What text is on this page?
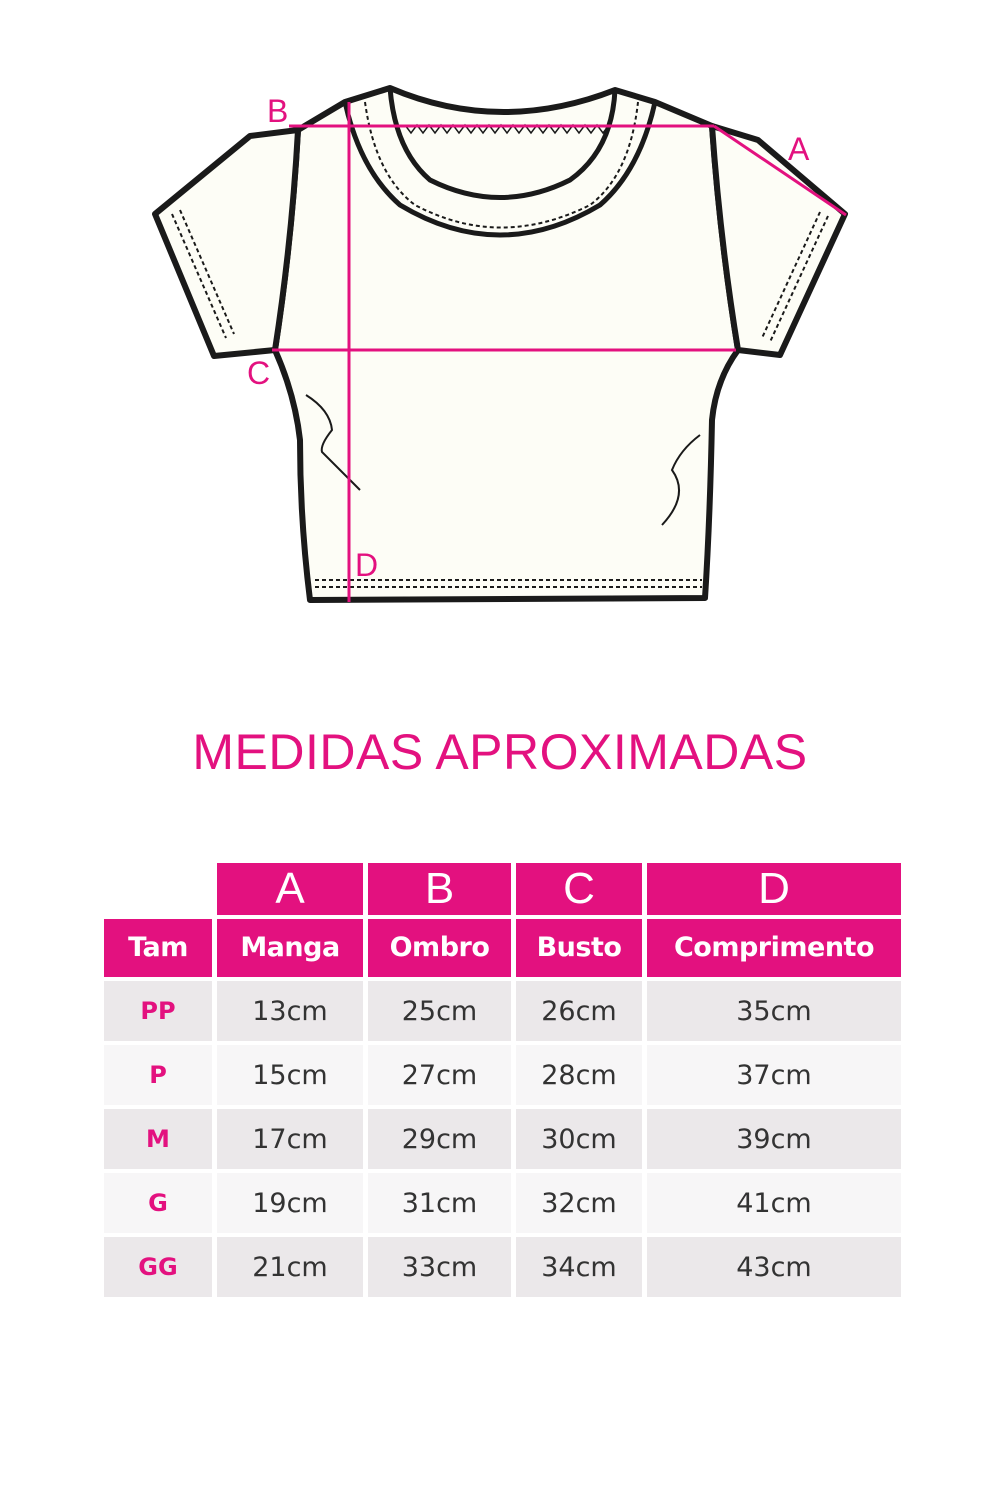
B
A
C
D
MEDIDAS APROXIMADAS
	A	B	C	D
Tam	Manga	Ombro	Busto	Comprimento
PP	13cm	25cm	26cm	35cm
P	15cm	27cm	28cm	37cm
M	17cm	29cm	30cm	39cm
G	19cm	31cm	32cm	41cm
GG	21cm	33cm	34cm	43cm
